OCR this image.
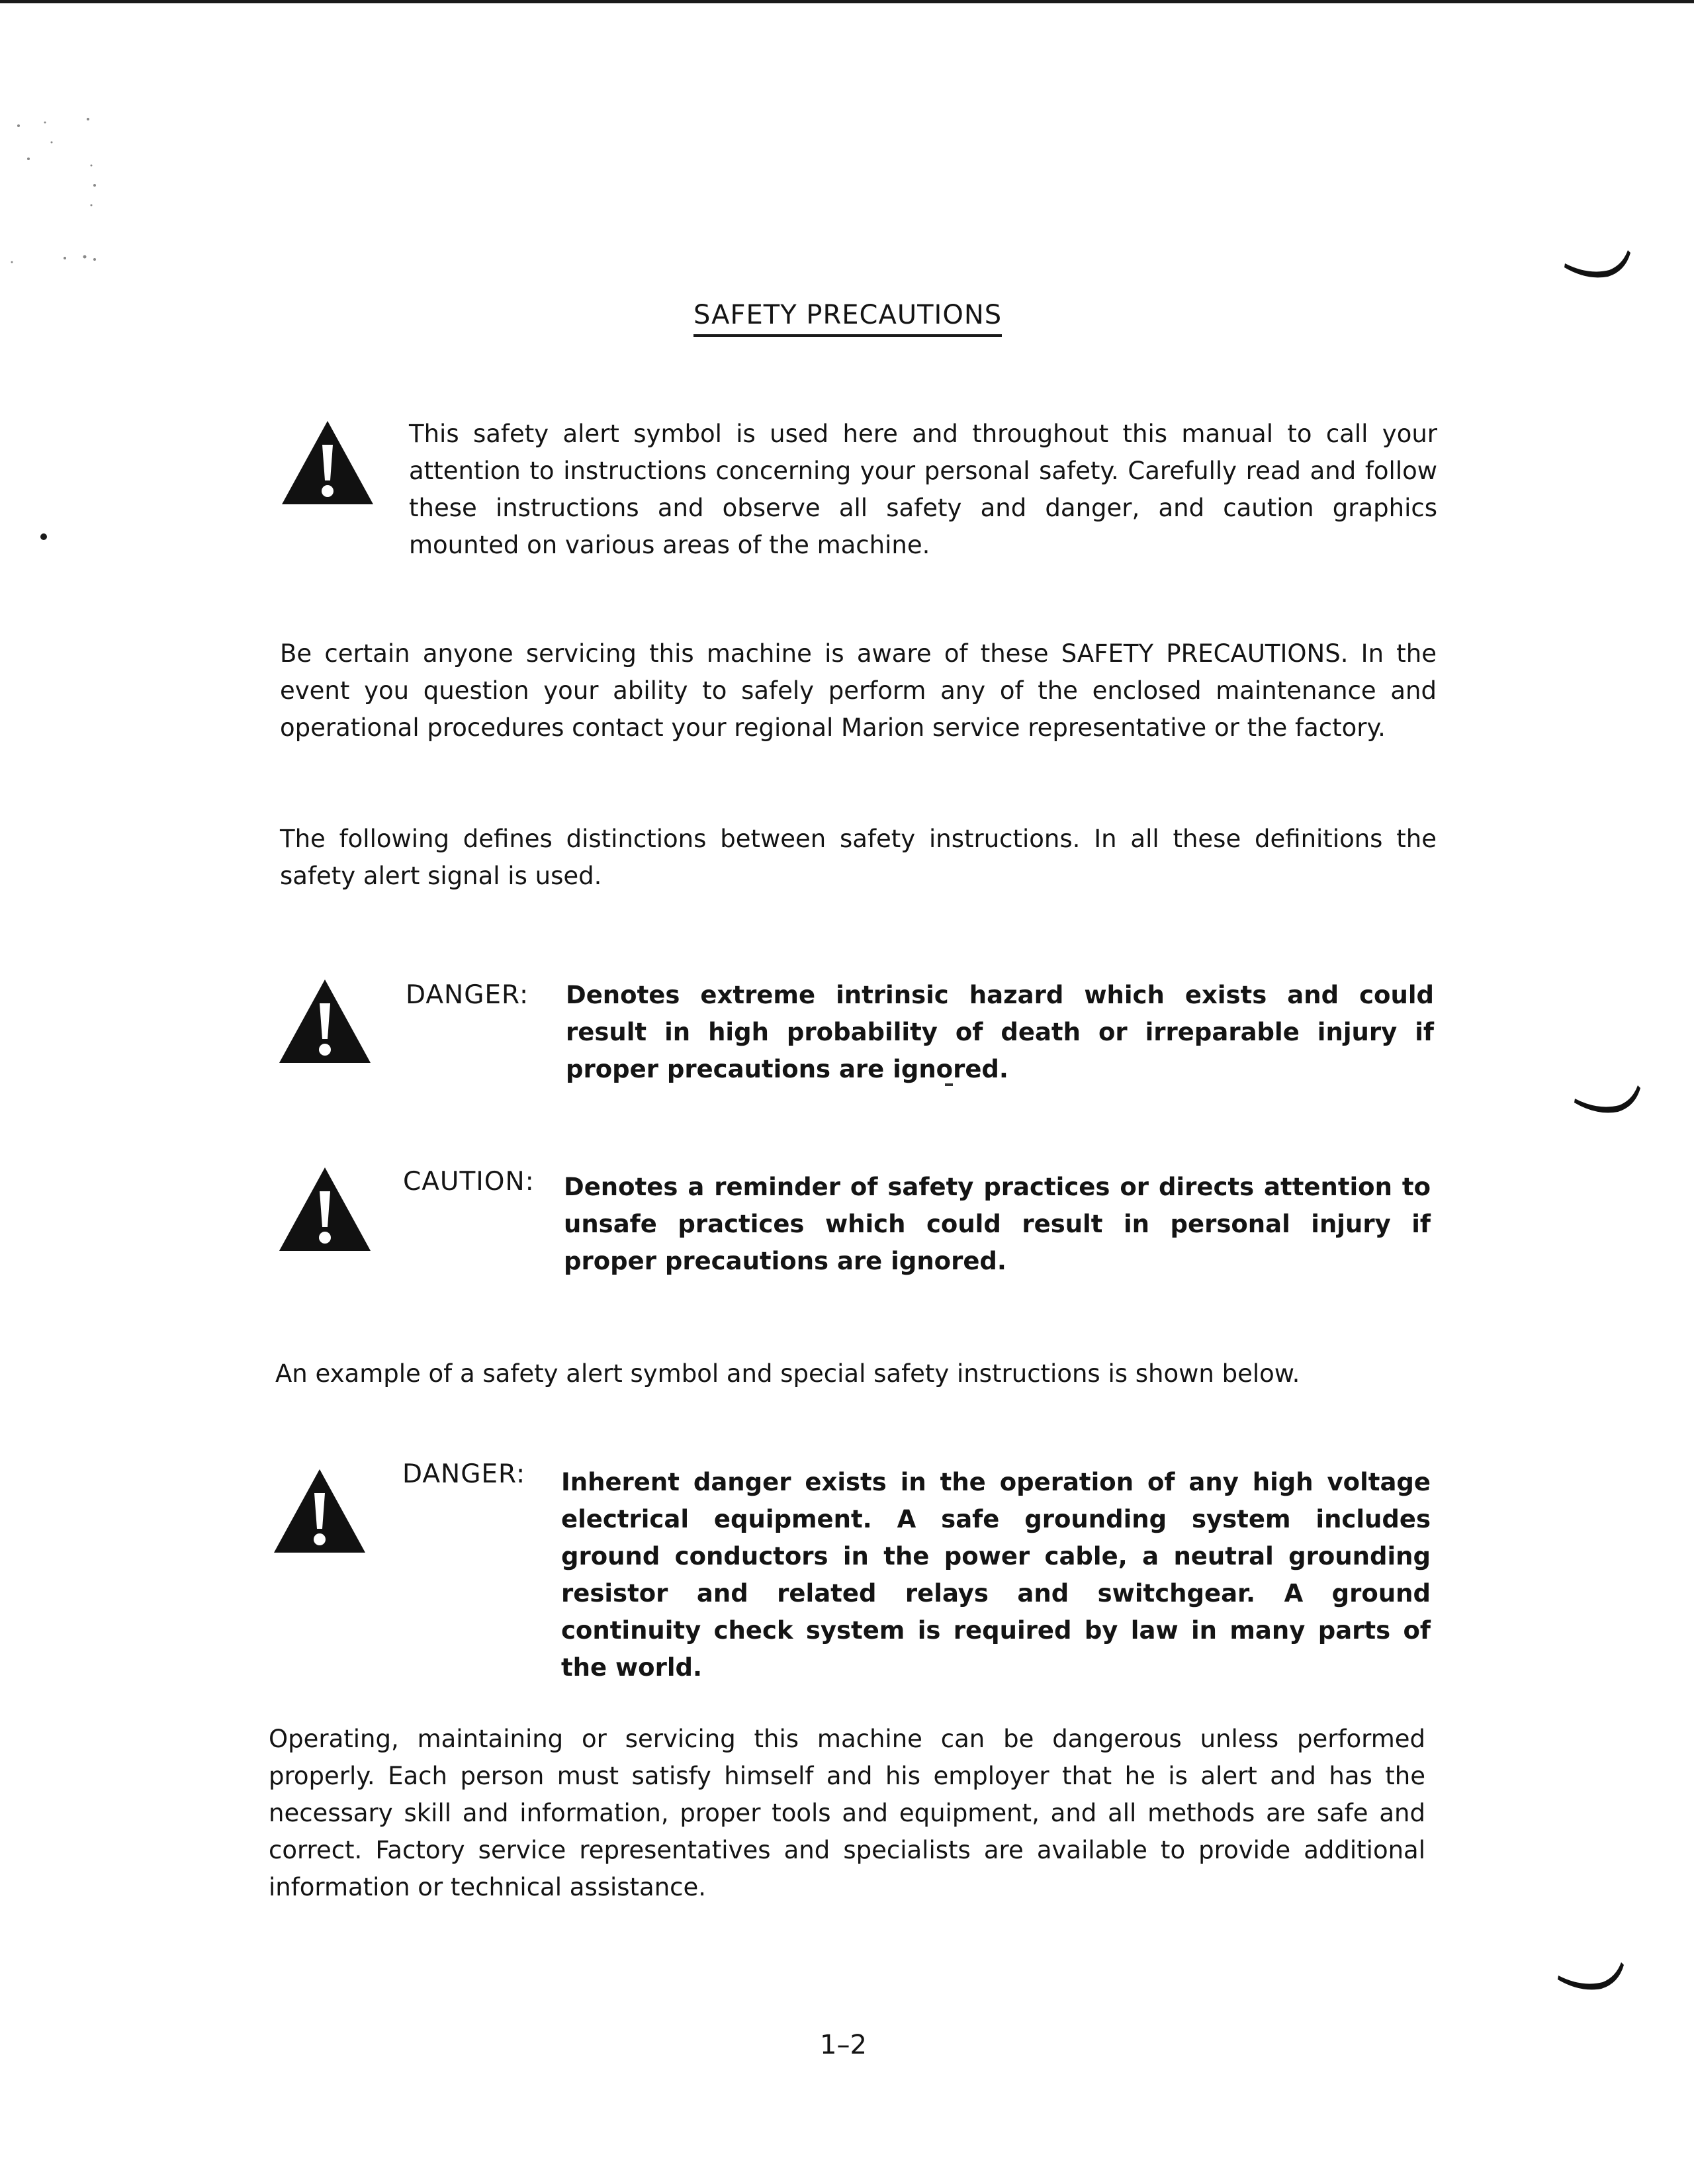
SAFETY PRECAUTIONS

This safety alert symbol is used here and throughout this manual to call your attention to instructions concerning your personal safety. Carefully read and follow these instructions and observe all safety and danger, and caution graphics mounted on various areas of the machine.

Be certain anyone servicing this machine is aware of these SAFETY PRECAUTIONS. In the event you question your ability to safely perform any of the enclosed maintenance and operational procedures contact your regional Marion service representative or the factory.

The following defines distinctions between safety instructions. In all these definitions the safety alert signal is used.

DANGER: Denotes extreme intrinsic hazard which exists and could result in high probability of death or irreparable injury if proper precautions are ignored.

CAUTION: Denotes a reminder of safety practices or directs attention to unsafe practices which could result in personal injury if proper precautions are ignored.

An example of a safety alert symbol and special safety instructions is shown below.

DANGER: Inherent danger exists in the operation of any high voltage electrical equipment. A safe grounding system includes ground conductors in the power cable, a neutral grounding resistor and related relays and switchgear. A ground continuity check system is required by law in many parts of the world.

Operating, maintaining or servicing this machine can be dangerous unless performed properly. Each person must satisfy himself and his employer that he is alert and has the necessary skill and information, proper tools and equipment, and all methods are safe and correct. Factory service representatives and specialists are available to provide additional information or technical assistance.

1–2
